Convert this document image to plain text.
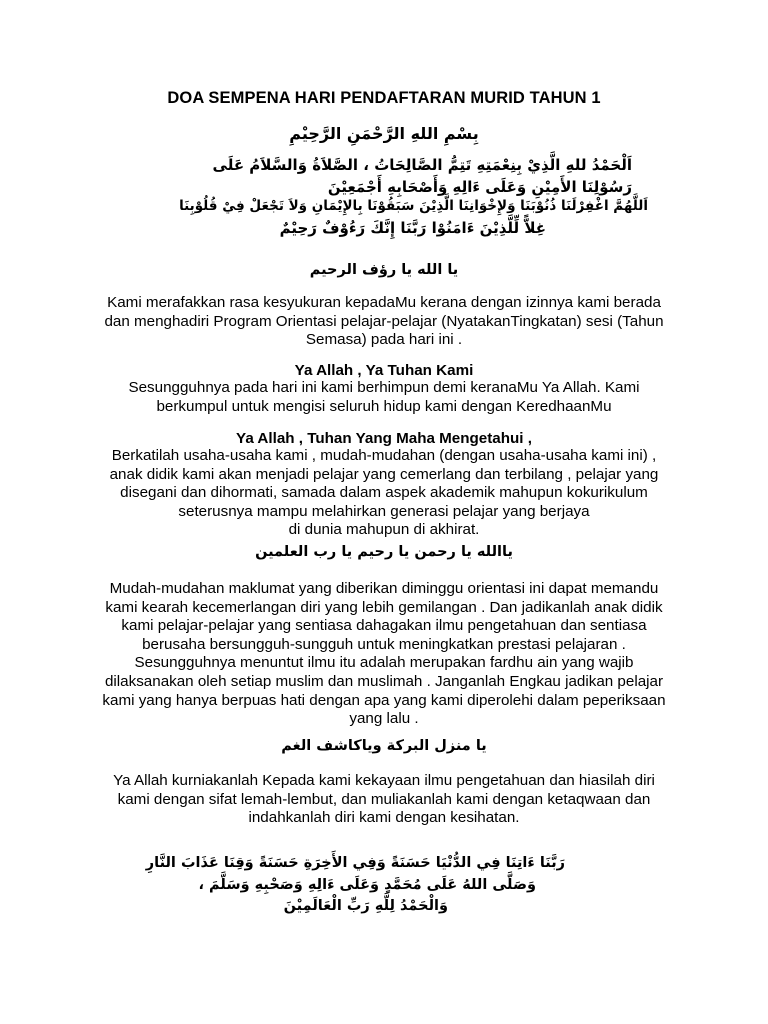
DOA SEMPENA HARI PENDAFTARAN MURID TAHUN 1
بِسْمِ اللهِ الرَّحْمَنِ الرَّحِيْمِ
اَلْحَمْدُ للهِ الَّذِيْ بِنِعْمَتِهِ تَتِمُّ الصَّالِحَاتُ ، الصَّلاَةُ وَالسَّلاَمُ عَلَى
رَسُوْلِنَا الأَمِيْنِ وَعَلَى ءَالِهِ وَأَصْحَابِهِ أَجْمَعِيْنَ
اَللَّهُمَّ اغْفِرْلَنَا ذُنُوْبَنَا وَلإِخْوَانِنَا الَّذِيْنَ سَبَقُوْنَا بِالإِيْمَانِ وَلاَ تَجْعَلْ فِيْ قُلُوْبِنَا
غِلاًّ لِّلَّذِيْنَ ءَامَنُوْا رَبَّنَا إِنَّكَ رَءُوْفٌ رَحِيْمٌ
يا الله يا رؤف الرحيم
Kami merafakkan rasa kesyukuran kepadaMu kerana dengan izinnya kami berada
dan menghadiri Program Orientasi pelajar-pelajar (NyatakanTingkatan) sesi (Tahun
Semasa) pada hari ini .
Ya Allah , Ya Tuhan Kami
Sesungguhnya pada hari ini kami berhimpun demi keranaMu Ya Allah. Kami
berkumpul untuk mengisi seluruh hidup kami dengan KeredhaanMu
Ya Allah , Tuhan Yang Maha Mengetahui ,
Berkatilah usaha-usaha kami , mudah-mudahan (dengan usaha-usaha kami ini) ,
anak didik kami akan menjadi pelajar yang cemerlang dan terbilang , pelajar yang
disegani dan dihormati, samada dalam aspek akademik mahupun kokurikulum
seterusnya mampu melahirkan generasi pelajar yang berjaya
di dunia mahupun di akhirat.
ياالله يا رحمن يا رحيم يا رب العلمين
Mudah-mudahan maklumat yang diberikan diminggu orientasi ini dapat memandu
kami kearah kecemerlangan diri yang lebih gemilangan . Dan jadikanlah anak didik
kami pelajar-pelajar yang sentiasa dahagakan ilmu pengetahuan dan sentiasa
berusaha bersungguh-sungguh untuk meningkatkan prestasi pelajaran .
Sesungguhnya menuntut ilmu itu adalah merupakan fardhu ain yang wajib
dilaksanakan oleh setiap muslim dan muslimah . Janganlah Engkau jadikan pelajar
kami yang hanya berpuas hati dengan apa yang kami diperolehi dalam peperiksaan
yang lalu .
يا منزل البركة وياكاشف الغم
Ya Allah kurniakanlah Kepada kami kekayaan ilmu pengetahuan dan hiasilah diri
kami dengan sifat lemah-lembut, dan muliakanlah kami dengan ketaqwaan dan
indahkanlah diri kami dengan kesihatan.
رَبَّنَا ءَاتِنَا فِي الدُّنْيَا حَسَنَةً وَفِي الأَخِرَةِ حَسَنَةً وَقِنَا عَذَابَ النَّارِ
وَصَلَّى اللهُ عَلَى مُحَمَّدٍ وَعَلَى ءَالِهِ وَصَحْبِهِ وَسَلَّمَ ،
وَالْحَمْدُ لِلَّهِ رَبِّ الْعَالَمِيْنَ
